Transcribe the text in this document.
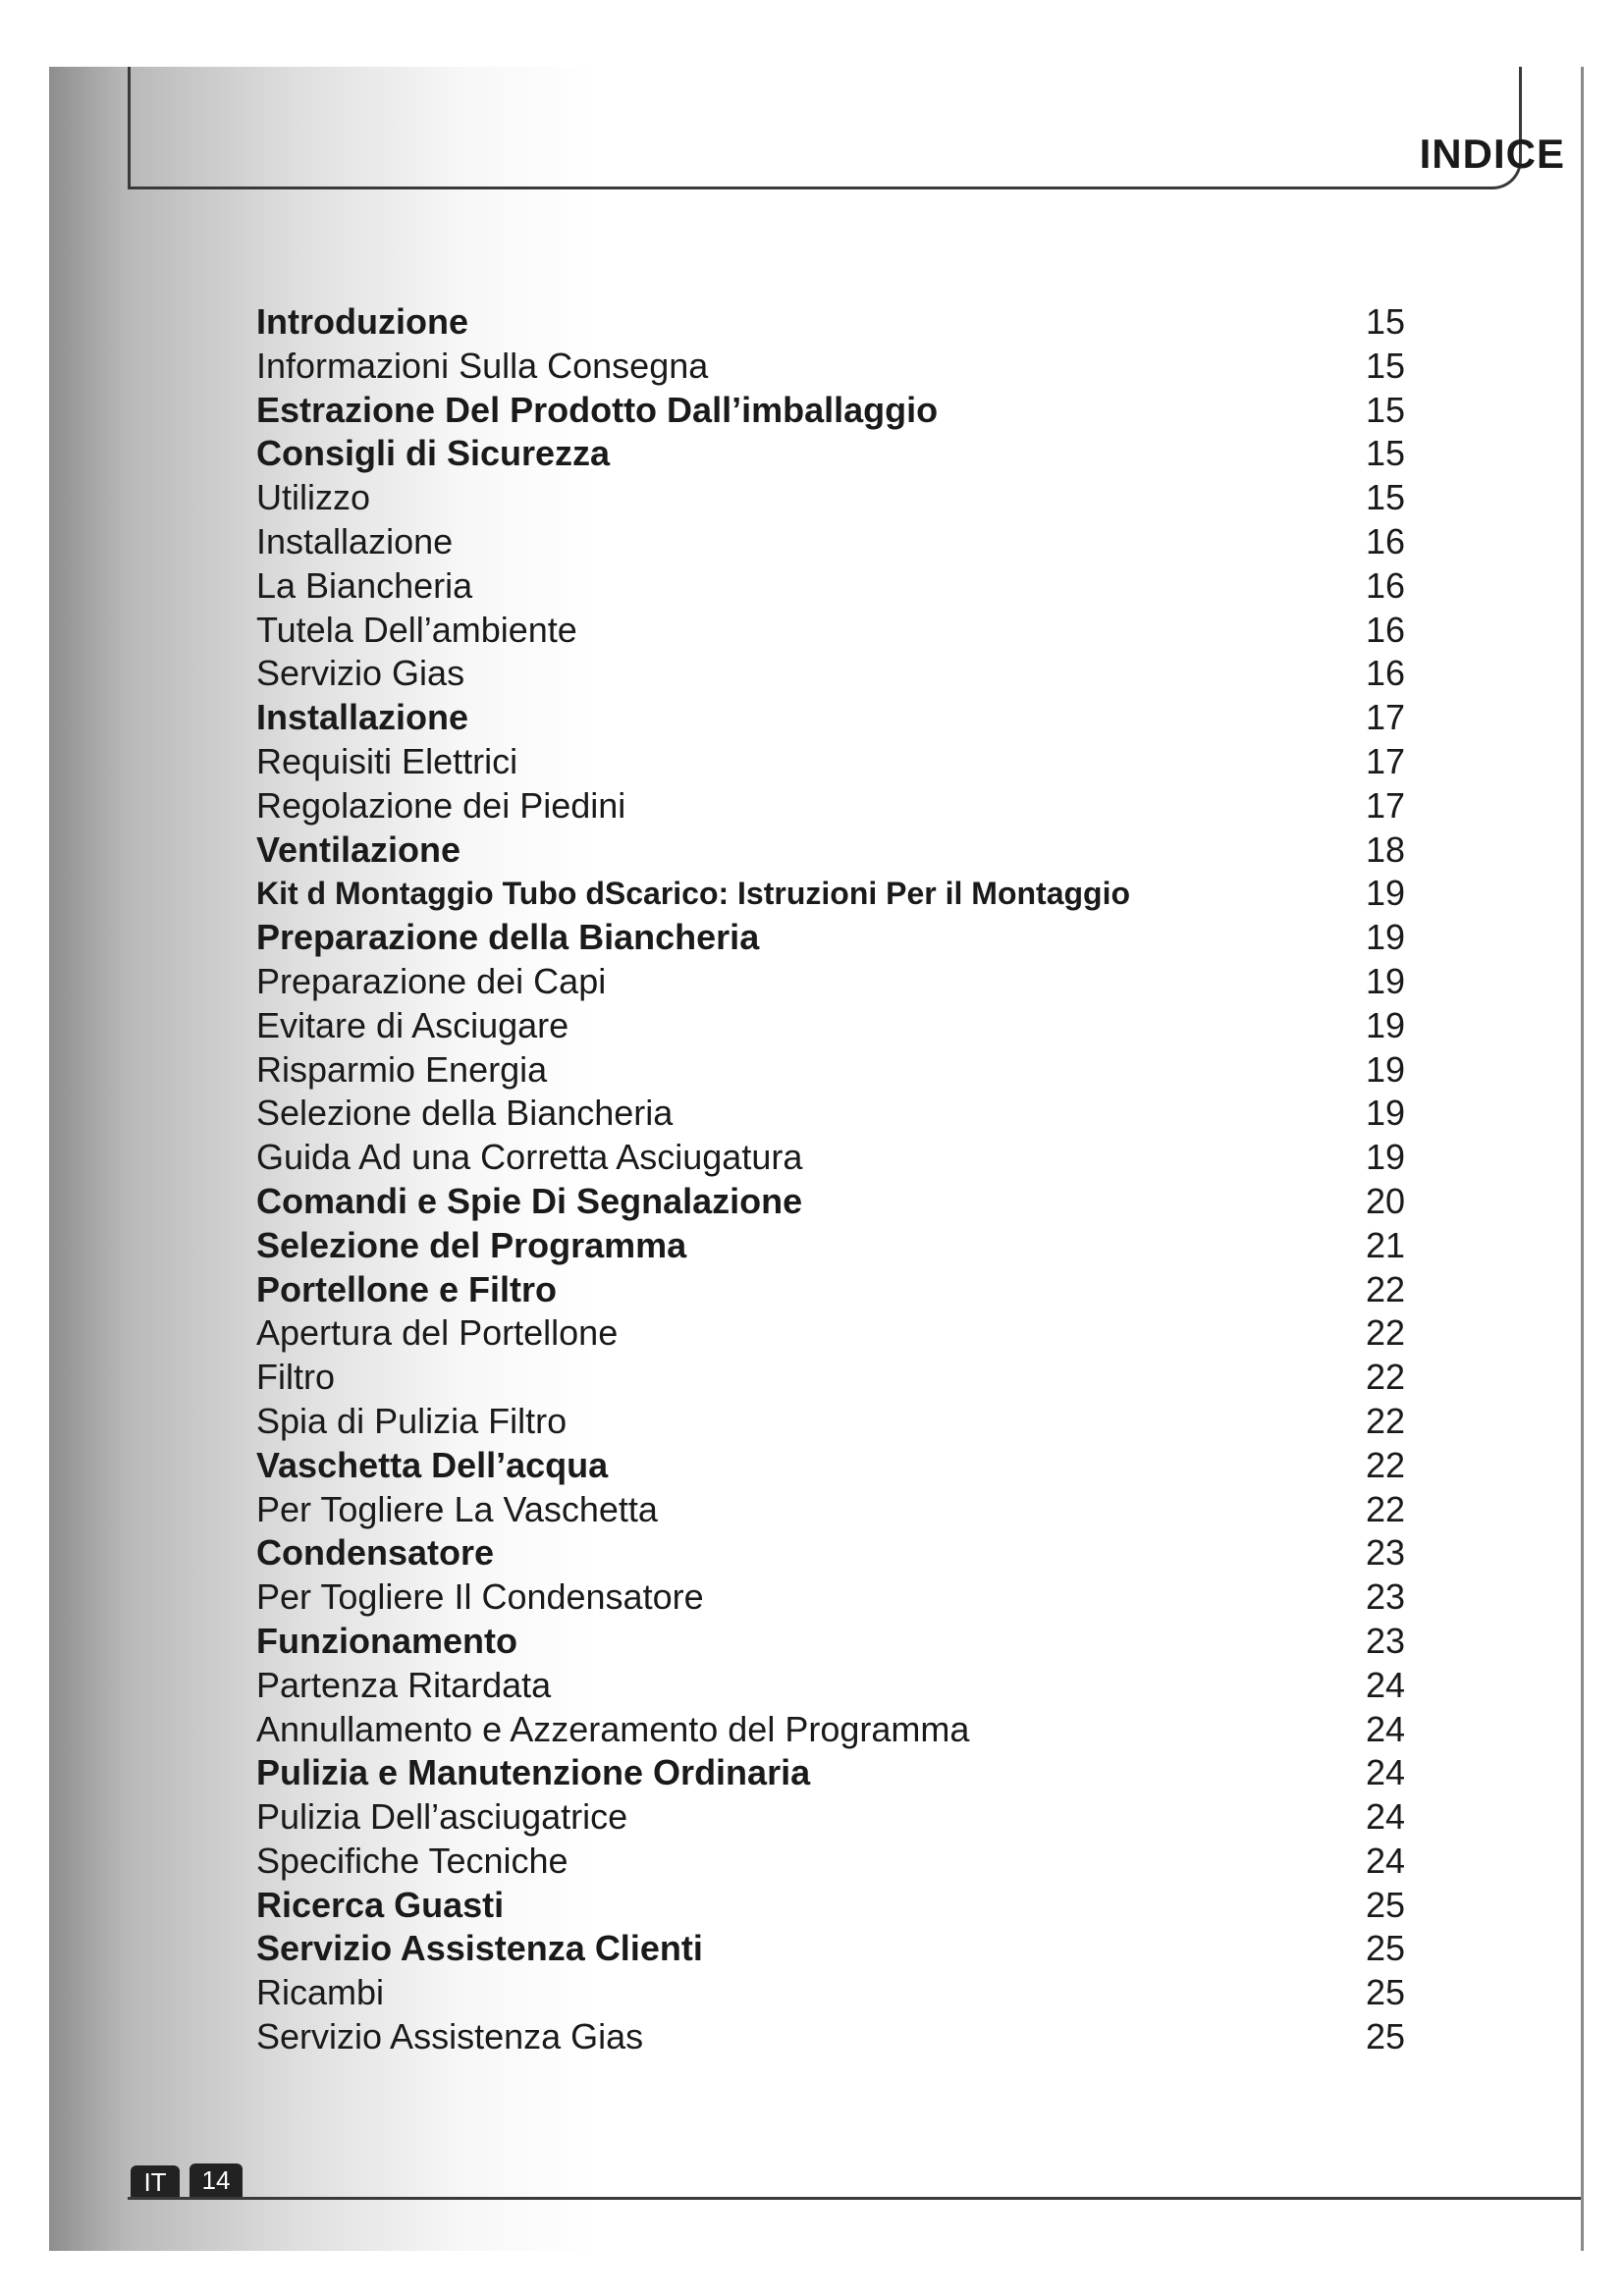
INDICE
Introduzione	15
Informazioni Sulla Consegna	15
Estrazione Del Prodotto Dall’imballaggio	15
Consigli di Sicurezza	15
Utilizzo	15
Installazione	16
La Biancheria	16
Tutela Dell’ambiente	16
Servizio Gias	16
Installazione	17
Requisiti Elettrici	17
Regolazione dei Piedini	17
Ventilazione	18
Kit d Montaggio Tubo dScarico: Istruzioni Per il Montaggio	19
Preparazione della Biancheria	19
Preparazione dei Capi	19
Evitare di Asciugare	19
Risparmio Energia	19
Selezione della Biancheria	19
Guida Ad una Corretta Asciugatura	19
Comandi e Spie Di Segnalazione	20
Selezione del Programma	21
Portellone e Filtro	22
Apertura del Portellone	22
Filtro	22
Spia di Pulizia Filtro	22
Vaschetta Dell’acqua	22
Per Togliere La Vaschetta	22
Condensatore	23
Per Togliere Il Condensatore	23
Funzionamento	23
Partenza Ritardata	24
Annullamento e Azzeramento del Programma	24
Pulizia e Manutenzione Ordinaria	24
Pulizia Dell’asciugatrice	24
Specifiche Tecniche	24
Ricerca Guasti	25
Servizio Assistenza Clienti	25
Ricambi	25
Servizio Assistenza Gias	25
IT	14
